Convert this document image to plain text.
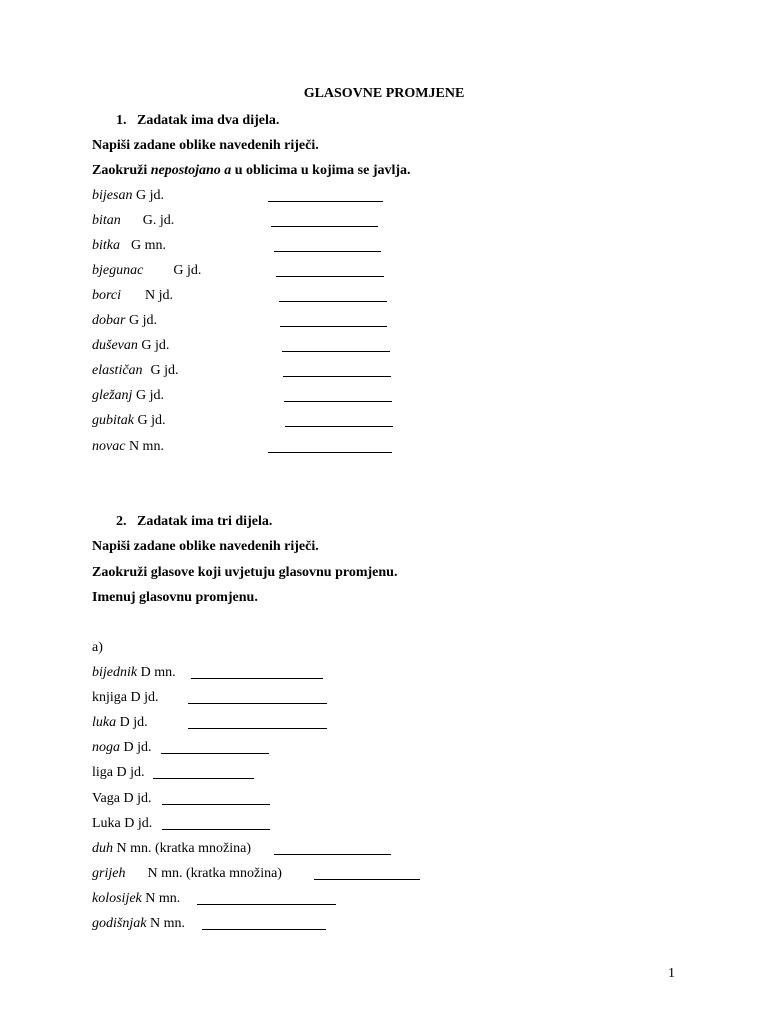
GLASOVNE PROMJENE
1. Zadatak ima dva dijela.
Napiši zadane oblike navedenih riječi.
Zaokruži nepostojano a u oblicima u kojima se javlja.
bijesan G jd.
bitan G. jd.
bitka G mn.
bjegunac G jd.
borci N jd.
dobar G jd.
duševan G jd.
elastičan G jd.
gležanj G jd.
gubitak G jd.
novac N mn.
2. Zadatak ima tri dijela.
Napiši zadane oblike navedenih riječi.
Zaokruži glasove koji uvjetuju glasovnu promjenu.
Imenuj glasovnu promjenu.
a)
bijednik D mn.
knjiga D jd.
luka D jd.
noga D jd.
liga D jd.
Vaga D jd.
Luka D jd.
duh N mn. (kratka množina)
grijeh N mn. (kratka množina)
kolosijek N mn.
godišnjak N mn.
1
